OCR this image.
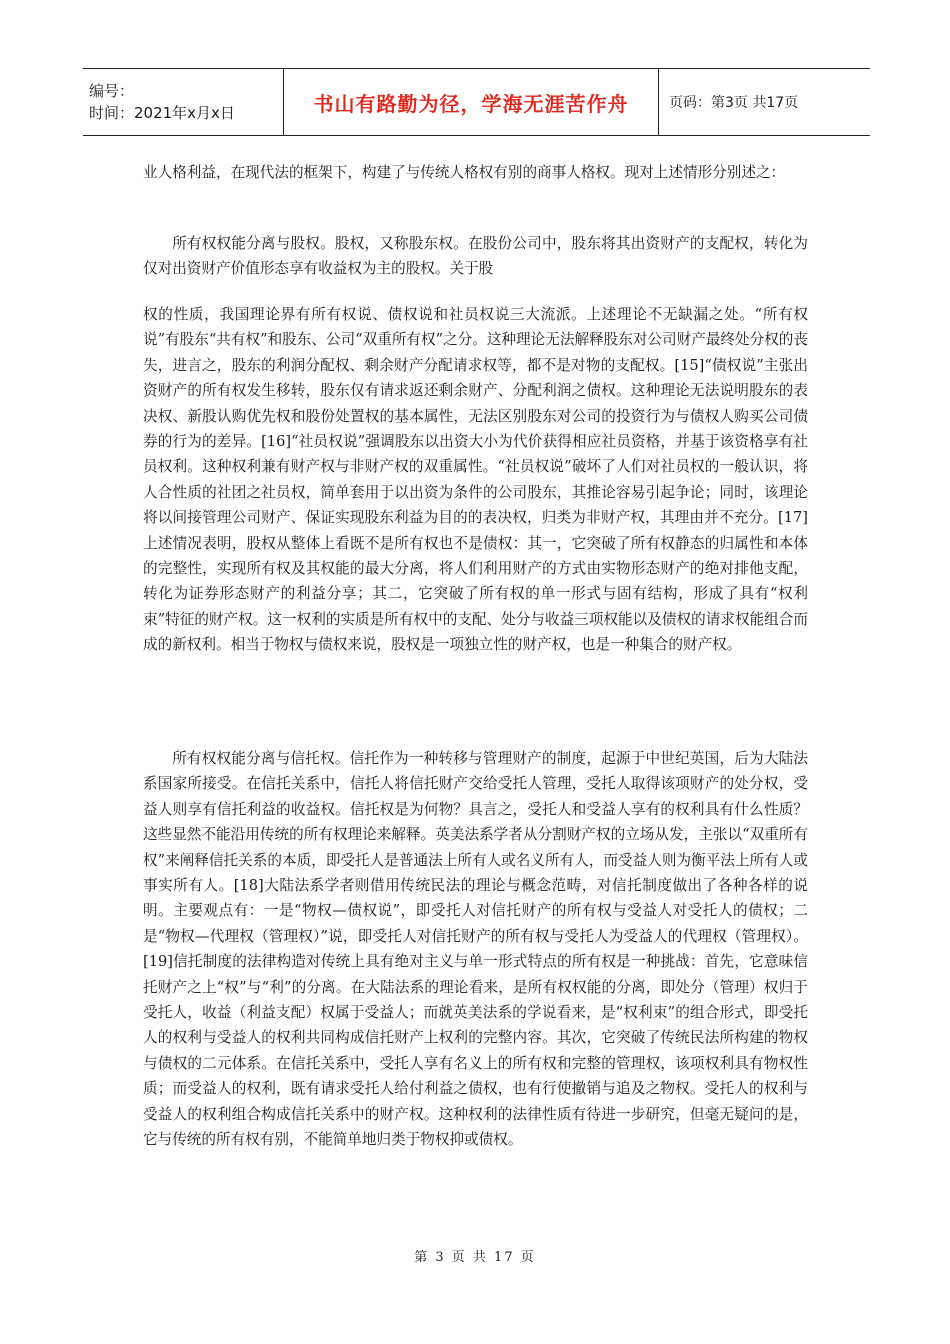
编号：
时间：2021年x月x日	书山有路勤为径，学海无涯苦作舟	页码：第3页 共17页

业人格利益，在现代法的框架下，构建了与传统人格权有别的商事人格权。现对上述情形分别述之：

所有权权能分离与股权。股权，又称股东权。在股份公司中，股东将其出资财产的支配权，转化为仅对出资财产价值形态享有收益权为主的股权。关于股

权的性质，我国理论界有所有权说、债权说和社员权说三大流派。上述理论不无缺漏之处。“所有权说”有股东“共有权”和股东、公司“双重所有权”之分。这种理论无法解释股东对公司财产最终处分权的丧失，进言之，股东的利润分配权、剩余财产分配请求权等，都不是对物的支配权。[15]“债权说”主张出资财产的所有权发生移转，股东仅有请求返还剩余财产、分配利润之债权。这种理论无法说明股东的表决权、新股认购优先权和股份处置权的基本属性，无法区别股东对公司的投资行为与债权人购买公司债券的行为的差异。[16]“社员权说”强调股东以出资大小为代价获得相应社员资格，并基于该资格享有社员权利。这种权利兼有财产权与非财产权的双重属性。“社员权说”破坏了人们对社员权的一般认识，将人合性质的社团之社员权，简单套用于以出资为条件的公司股东，其推论容易引起争论；同时，该理论将以间接管理公司财产、保证实现股东利益为目的的表决权，归类为非财产权，其理由并不充分。[17]上述情况表明，股权从整体上看既不是所有权也不是债权：其一，它突破了所有权静态的归属性和本体的完整性，实现所有权及其权能的最大分离，将人们利用财产的方式由实物形态财产的绝对排他支配，转化为证券形态财产的利益分享；其二，它突破了所有权的单一形式与固有结构，形成了具有“权利束”特征的财产权。这一权利的实质是所有权中的支配、处分与收益三项权能以及债权的请求权能组合而成的新权利。相当于物权与债权来说，股权是一项独立性的财产权，也是一种集合的财产权。

所有权权能分离与信托权。信托作为一种转移与管理财产的制度，起源于中世纪英国，后为大陆法系国家所接受。在信托关系中，信托人将信托财产交给受托人管理，受托人取得该项财产的处分权，受益人则享有信托利益的收益权。信托权是为何物？具言之，受托人和受益人享有的权利具有什么性质？这些显然不能沿用传统的所有权理论来解释。英美法系学者从分割财产权的立场从发，主张以“双重所有权”来阐释信托关系的本质，即受托人是普通法上所有人或名义所有人，而受益人则为衡平法上所有人或事实所有人。[18]大陆法系学者则借用传统民法的理论与概念范畴，对信托制度做出了各种各样的说明。主要观点有：一是“物权—债权说”，即受托人对信托财产的所有权与受益人对受托人的债权；二是“物权—代理权（管理权）”说，即受托人对信托财产的所有权与受托人为受益人的代理权（管理权）。[19]信托制度的法律构造对传统上具有绝对主义与单一形式特点的所有权是一种挑战：首先，它意味信托财产之上“权”与“利”的分离。在大陆法系的理论看来，是所有权权能的分离，即处分（管理）权归于受托人，收益（利益支配）权属于受益人；而就英美法系的学说看来，是“权利束”的组合形式，即受托人的权利与受益人的权利共同构成信托财产上权利的完整内容。其次，它突破了传统民法所构建的物权与债权的二元体系。在信托关系中，受托人享有名义上的所有权和完整的管理权，该项权利具有物权性质；而受益人的权利，既有请求受托人给付利益之债权，也有行使撤销与追及之物权。受托人的权利与受益人的权利组合构成信托关系中的财产权。这种权利的法律性质有待进一步研究，但毫无疑问的是，它与传统的所有权有别，不能简单地归类于物权抑或债权。

第 3 页 共 17 页
